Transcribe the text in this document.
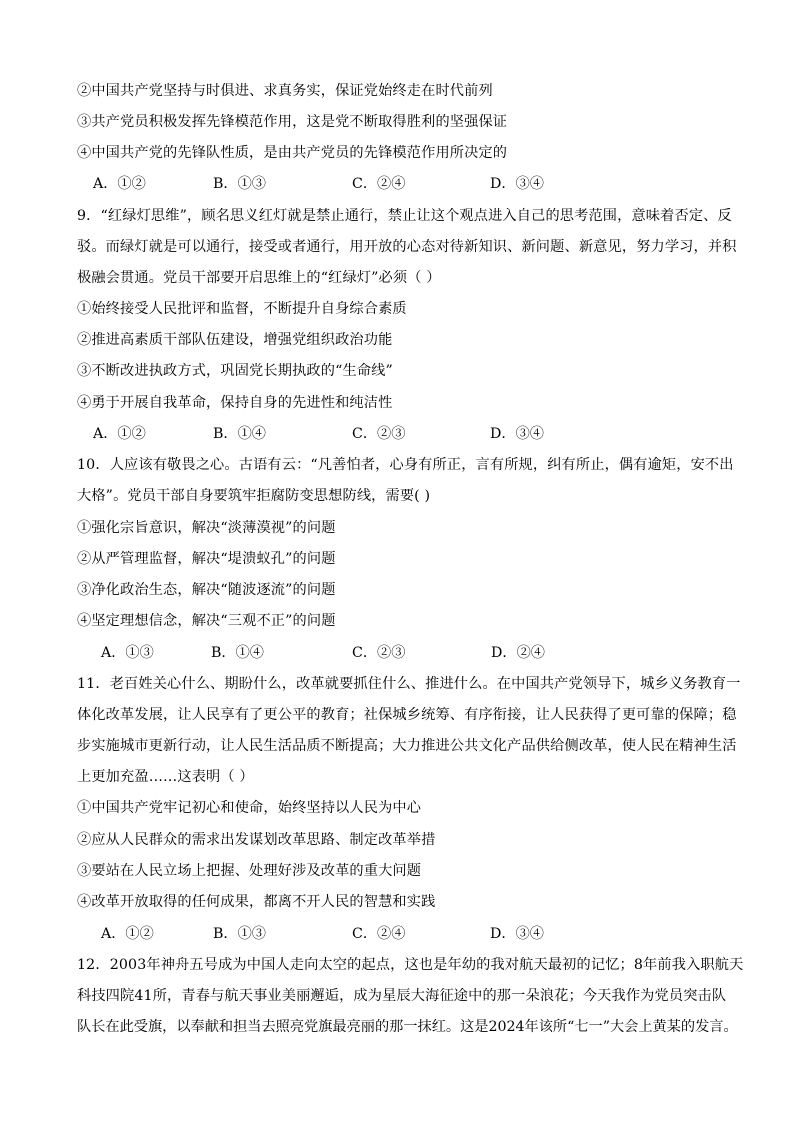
②中国共产党坚持与时俱进、求真务实，保证党始终走在时代前列
③共产党员积极发挥先锋模范作用，这是党不断取得胜利的坚强保证
④中国共产党的先锋队性质，是由共产党员的先锋模范作用所决定的
A．①②	B．①③	C．②④	D．③④
9．“红绿灯思维”，顾名思义红灯就是禁止通行，禁止让这个观点进入自己的思考范围，意味着否定、反
驳。而绿灯就是可以通行，接受或者通行，用开放的心态对待新知识、新问题、新意见，努力学习，并积
极融会贯通。党员干部要开启思维上的“红绿灯”必须（ ）
①始终接受人民批评和监督，不断提升自身综合素质
②推进高素质干部队伍建设，增强党组织政治功能
③不断改进执政方式，巩固党长期执政的“生命线”
④勇于开展自我革命，保持自身的先进性和纯洁性
A．①②	B．①④	C．②③	D．③④
10．人应该有敬畏之心。古语有云：“凡善怕者，心身有所正，言有所规，纠有所止，偶有逾矩，安不出
大格”。党员干部自身要筑牢拒腐防变思想防线，需要( )
①强化宗旨意识，解决“淡薄漠视”的问题
②从严管理监督，解决“堤溃蚁孔”的问题
③净化政治生态，解决“随波逐流”的问题
④坚定理想信念，解决“三观不正”的问题
A．①③	B．①④	C．②③	D．②④
11．老百姓关心什么、期盼什么，改革就要抓住什么、推进什么。在中国共产党领导下，城乡义务教育一
体化改革发展，让人民享有了更公平的教育；社保城乡统筹、有序衔接，让人民获得了更可靠的保障；稳
步实施城市更新行动，让人民生活品质不断提高；大力推进公共文化产品供给侧改革，使人民在精神生活
上更加充盈……这表明（ ）
①中国共产党牢记初心和使命，始终坚持以人民为中心
②应从人民群众的需求出发谋划改革思路、制定改革举措
③要站在人民立场上把握、处理好涉及改革的重大问题
④改革开放取得的任何成果，都离不开人民的智慧和实践
A．①②	B．①③	C．②④	D．③④
12．2003年神舟五号成为中国人走向太空的起点，这也是年幼的我对航天最初的记忆；8年前我入职航天
科技四院41所，青春与航天事业美丽邂逅，成为星辰大海征途中的那一朵浪花；今天我作为党员突击队
队长在此受旗，以奉献和担当去照亮党旗最亮丽的那一抹红。这是2024年该所“七一”大会上黄某的发言。
